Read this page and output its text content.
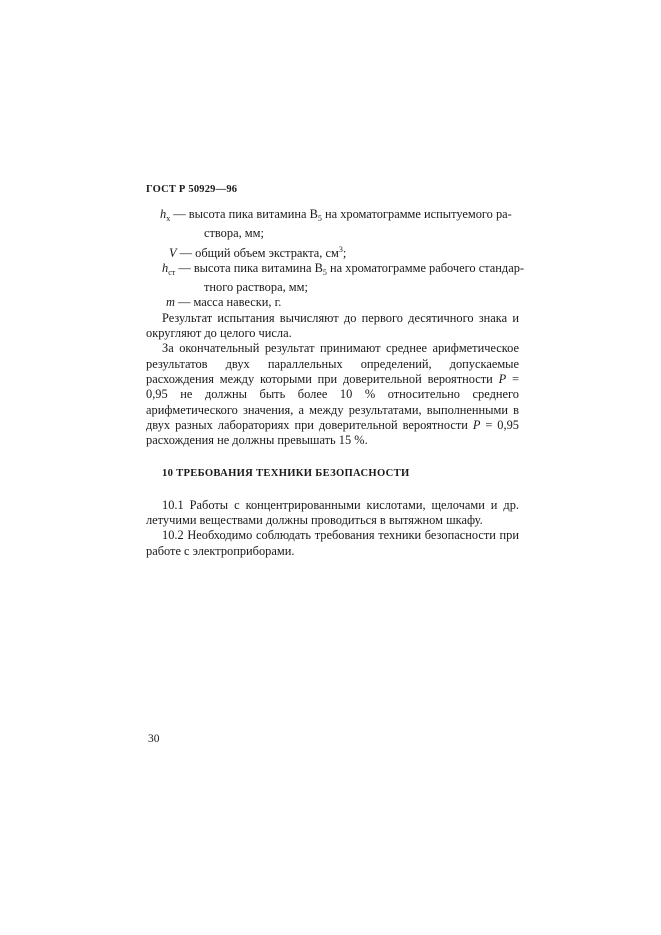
ГОСТ Р 50929—96
$h_x$ — высота пика витамина $B_5$ на хроматограмме испытуемого ра-
створа, мм;
V — общий объем экстракта, $см^3$;
$h_{ст}$ — высота пика витамина $B_5$ на хроматограмме рабочего стандар-
тного раствора, мм;
m — масса навески, г.

Результат испытания вычисляют до первого десятичного знака и округляют до целого числа.

За окончательный результат принимают среднее арифметическое результатов двух параллельных определений, допускаемые расхождения между которыми при доверительной вероятности P = 0,95 не должны быть более 10 % относительно среднего арифметического значения, а между результатами, выполненными в двух разных лабораториях при доверительной вероятности P = 0,95 расхождения не должны превышать 15 %.

10 ТРЕБОВАНИЯ ТЕХНИКИ БЕЗОПАСНОСТИ

10.1 Работы с концентрированными кислотами, щелочами и др. летучими веществами должны проводиться в вытяжном шкафу.

10.2 Необходимо соблюдать требования техники безопасности при работе с электроприборами.

30
